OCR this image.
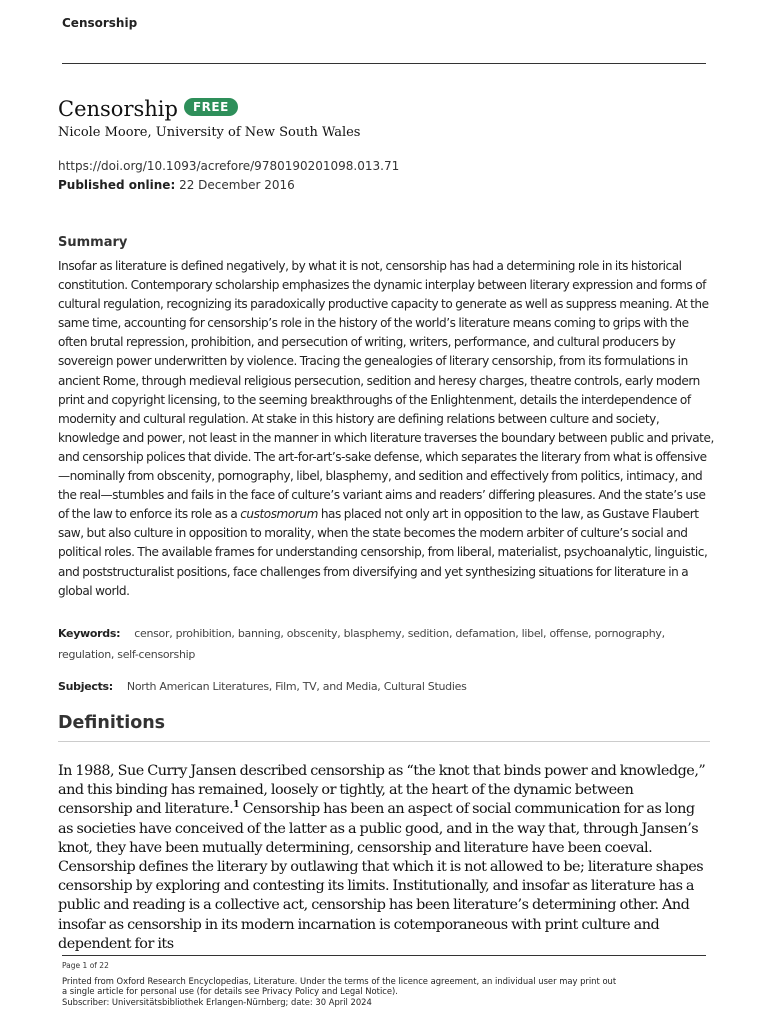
Censorship
Censorship	FREE
Nicole Moore, University of New South Wales
https://doi.org/10.1093/acrefore/9780190201098.013.71
Published online: 22 December 2016
Summary

Insofar as literature is defined negatively, by what it is not, censorship has had a determining role in its historical constitution. Contemporary scholarship emphasizes the dynamic interplay between literary expression and forms of cultural regulation, recognizing its paradoxically productive capacity to generate as well as suppress meaning. At the same time, accounting for censorship’s role in the history of the world’s literature means coming to grips with the often brutal repression, prohibition, and persecution of writing, writers, performance, and cultural producers by sovereign power underwritten by violence. Tracing the genealogies of literary censorship, from its formulations in ancient Rome, through medieval religious persecution, sedition and heresy charges, theatre controls, early modern print and copyright licensing, to the seeming breakthroughs of the Enlightenment, details the interdependence of modernity and cultural regulation. At stake in this history are defining relations between culture and society, knowledge and power, not least in the manner in which literature traverses the boundary between public and private, and censorship polices that divide. The art-for-art’s-sake defense, which separates the literary from what is offensive—nominally from obscenity, pornography, libel, blasphemy, and sedition and effectively from politics, intimacy, and the real—stumbles and fails in the face of culture’s variant aims and readers’ differing pleasures. And the state’s use of the law to enforce its role as a custosmorum has placed not only art in opposition to the law, as Gustave Flaubert saw, but also culture in opposition to morality, when the state becomes the modern arbiter of culture’s social and political roles. The available frames for understanding censorship, from liberal, materialist, psychoanalytic, linguistic, and poststructuralist positions, face challenges from diversifying and yet synthesizing situations for literature in a global world.

Keywords: censor, prohibition, banning, obscenity, blasphemy, sedition, defamation, libel, offense, pornography, regulation, self-censorship
Subjects: North American Literatures, Film, TV, and Media, Cultural Studies
Definitions

In 1988, Sue Curry Jansen described censorship as “the knot that binds power and knowledge,” and this binding has remained, loosely or tightly, at the heart of the dynamic between censorship and literature.$^1$ Censorship has been an aspect of social communication for as long as societies have conceived of the latter as a public good, and in the way that, through Jansen’s knot, they have been mutually determining, censorship and literature have been coeval. Censorship defines the literary by outlawing that which it is not allowed to be; literature shapes censorship by exploring and contesting its limits. Institutionally, and insofar as literature has a public and reading is a collective act, censorship has been literature’s determining other. And insofar as censorship in its modern incarnation is cotemporaneous with print culture and dependent for its

Page 1 of 22
Printed from Oxford Research Encyclopedias, Literature. Under the terms of the licence agreement, an individual user may print out
a single article for personal use (for details see Privacy Policy and Legal Notice).
Subscriber: Universitätsbibliothek Erlangen-Nürnberg; date: 30 April 2024
